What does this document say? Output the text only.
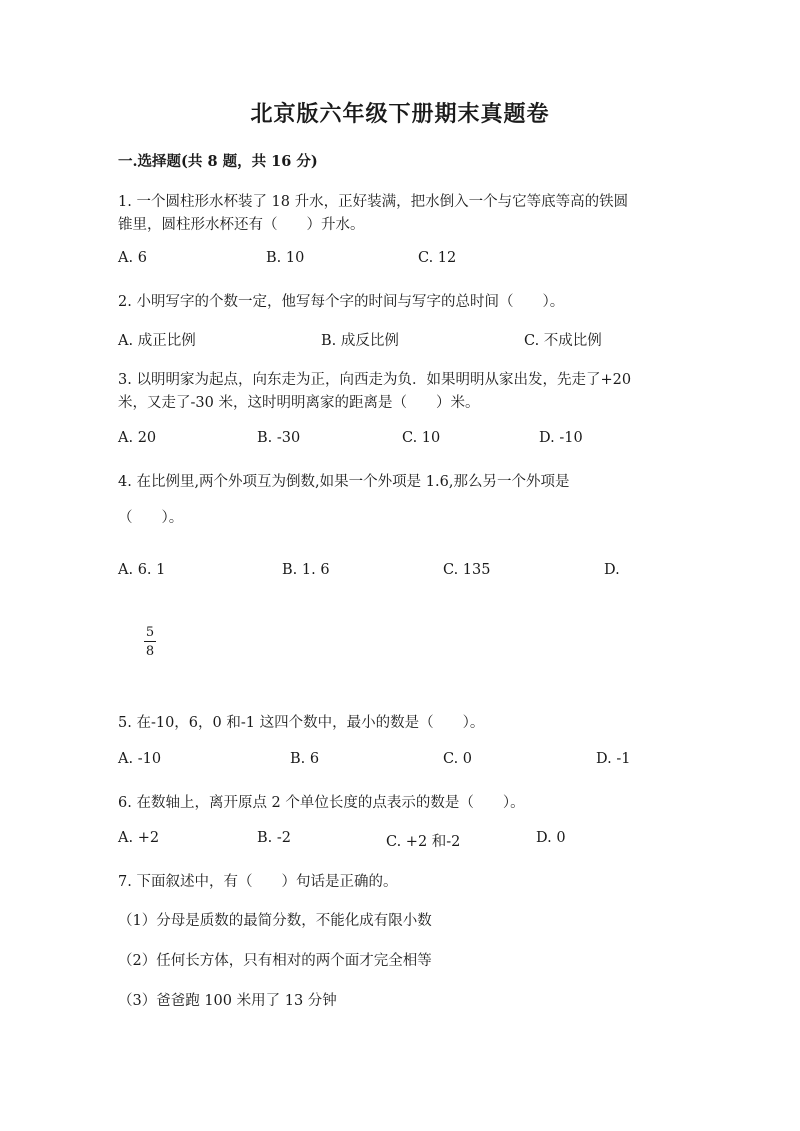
北京版六年级下册期末真题卷
一.选择题(共 8 题，共 16 分)
1. 一个圆柱形水杯装了 18 升水，正好装满，把水倒入一个与它等底等高的铁圆
锥里，圆柱形水杯还有（　　）升水。
A. 6	B. 10	C. 12
2. 小明写字的个数一定，他写每个字的时间与写字的总时间（　　）。
A. 成正比例	B. 成反比例	C. 不成比例
3. 以明明家为起点，向东走为正，向西走为负．如果明明从家出发，先走了+20
米，又走了-30 米，这时明明离家的距离是（　　）米。
A. 20	B. -30	C. 10	D. -10
4. 在比例里,两个外项互为倒数,如果一个外项是 1.6,那么另一个外项是
（　　）。
A. 6. 1	B. 1. 6	C. 135	D.
5
8
5. 在-10，6，0 和-1 这四个数中，最小的数是（　　）。
A. -10	B. 6	C. 0	D. -1
6. 在数轴上，离开原点 2 个单位长度的点表示的数是（　　）。
A. +2	B. -2	C. +2 和-2	D. 0
7. 下面叙述中，有（　　）句话是正确的。
（1）分母是质数的最简分数，不能化成有限小数
（2）任何长方体，只有相对的两个面才完全相等
（3）爸爸跑 100 米用了 13 分钟
